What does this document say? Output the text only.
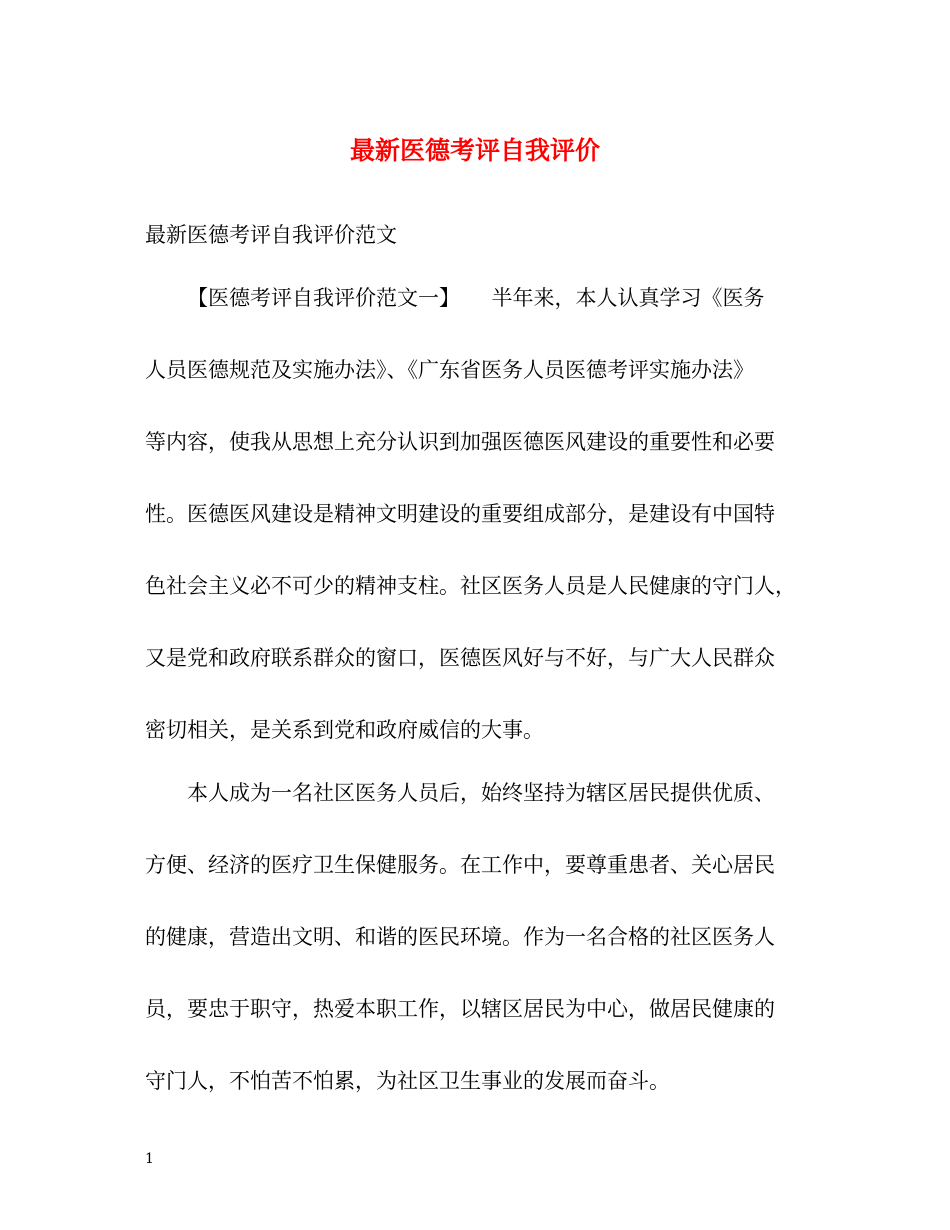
最新医德考评自我评价
最新医德考评自我评价范文
【医德考评自我评价范文一】　　半年来，本人认真学习《医务
人员医德规范及实施办法》、《广东省医务人员医德考评实施办法》
等内容，使我从思想上充分认识到加强医德医风建设的重要性和必要
性。医德医风建设是精神文明建设的重要组成部分，是建设有中国特
色社会主义必不可少的精神支柱。社区医务人员是人民健康的守门人，
又是党和政府联系群众的窗口，医德医风好与不好，与广大人民群众
密切相关，是关系到党和政府威信的大事。
本人成为一名社区医务人员后，始终坚持为辖区居民提供优质、
方便、经济的医疗卫生保健服务。在工作中，要尊重患者、关心居民
的健康，营造出文明、和谐的医民环境。作为一名合格的社区医务人
员，要忠于职守，热爱本职工作，以辖区居民为中心，做居民健康的
守门人，不怕苦不怕累，为社区卫生事业的发展而奋斗。
1
